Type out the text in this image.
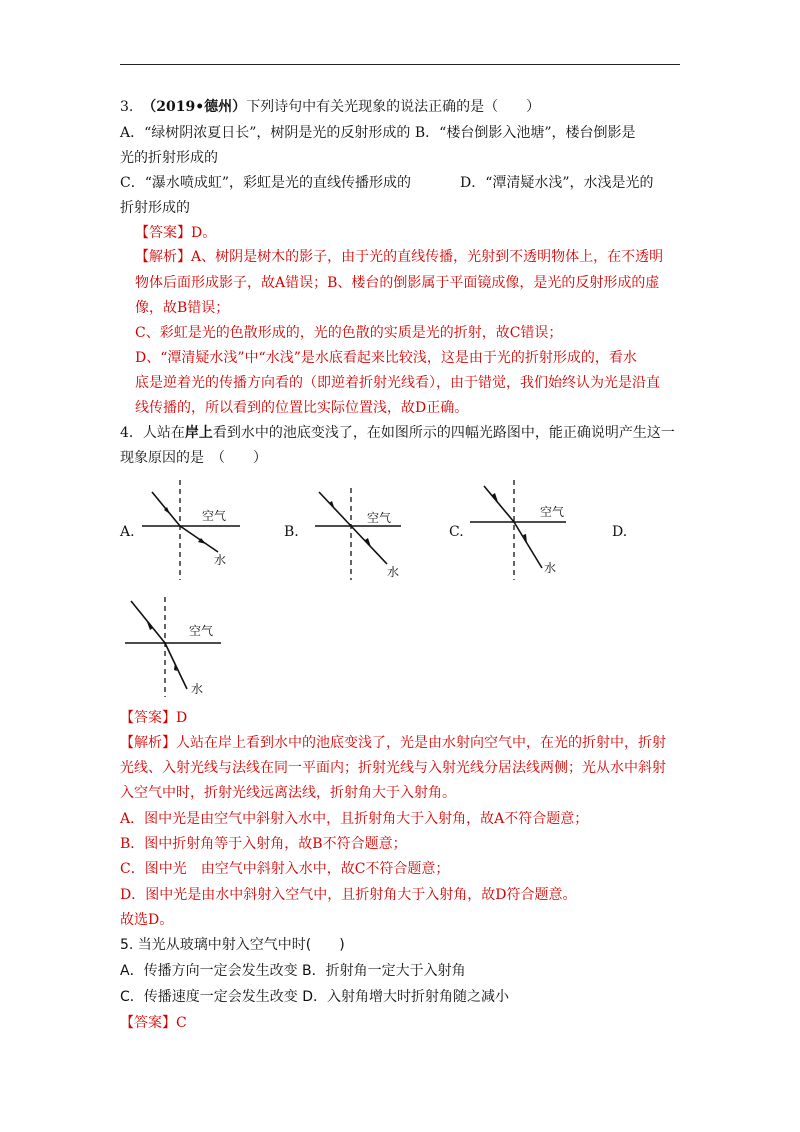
3. （2019•德州）下列诗句中有关光现象的说法正确的是（　　）
A．“绿树阴浓夏日长”，树阴是光的反射形成的 B．“楼台倒影入池塘”，楼台倒影是
光的折射形成的
C．“瀑水喷成虹”，彩虹是光的直线传播形成的	D．“潭清疑水浅”，水浅是光的
折射形成的
【答案】D。
【解析】A、树阴是树木的影子，由于光的直线传播，光射到不透明物体上，在不透明
物体后面形成影子，故A错误；B、楼台的倒影属于平面镜成像，是光的反射形成的虚
像，故B错误；
C、彩虹是光的色散形成的，光的色散的实质是光的折射，故C错误；
D、“潭清疑水浅”中“水浅”是水底看起来比较浅，这是由于光的折射形成的，看水
底是逆着光的传播方向看的（即逆着折射光线看），由于错觉，我们始终认为光是沿直
线传播的，所以看到的位置比实际位置浅，故D正确。
4．人站在岸上看到水中的池底变浅了，在如图所示的四幅光路图中，能正确说明产生这一
现象原因的是　（　　）
A.	B.	C.	D.
空气
水
空气
水
空气
水
空气
水
【答案】D
【解析】人站在岸上看到水中的池底变浅了，光是由水射向空气中，在光的折射中，折射
光线、入射光线与法线在同一平面内；折射光线与入射光线分居法线两侧；光从水中斜射
入空气中时，折射光线远离法线，折射角大于入射角。
A．图中光是由空气中斜射入水中，且折射角大于入射角，故A不符合题意；
B．图中折射角等于入射角，故B不符合题意；
C．图中光　由空气中斜射入水中，故C不符合题意；
D．图中光是由水中斜射入空气中，且折射角大于入射角，故D符合题意。
故选D。
5. 当光从玻璃中射入空气中时(　　)
A．传播方向一定会发生改变 B．折射角一定大于入射角
C．传播速度一定会发生改变 D．入射角增大时折射角随之减小
【答案】C
